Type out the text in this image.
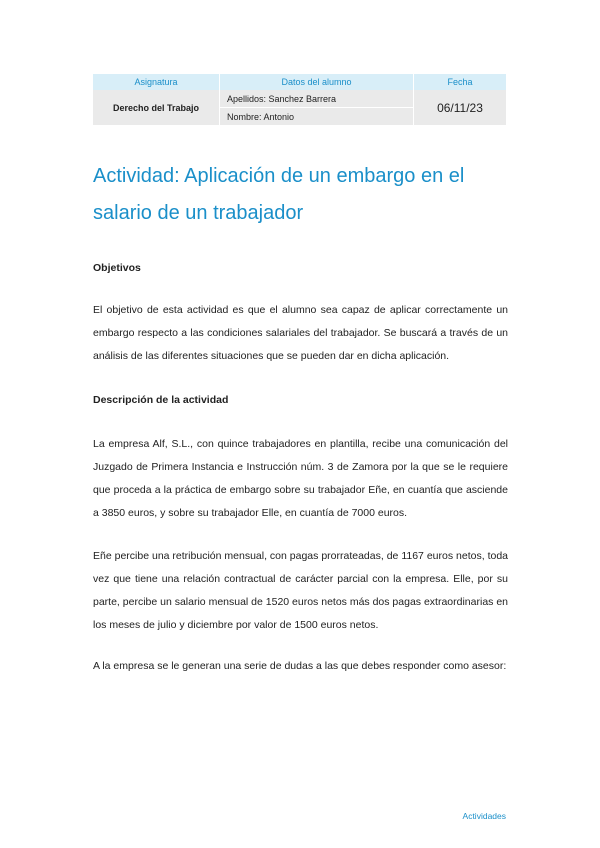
Asignatura	Datos del alumno	Fecha
Derecho del Trabajo	Apellidos: Sanchez Barrera	06/11/23
	Nombre: Antonio	
Actividad: Aplicación de un embargo en el salario de un trabajador
Objetivos

El objetivo de esta actividad es que el alumno sea capaz de aplicar correctamente un embargo respecto a las condiciones salariales del trabajador. Se buscará a través de un análisis de las diferentes situaciones que se pueden dar en dicha aplicación.

Descripción de la actividad

La empresa Alf, S.L., con quince trabajadores en plantilla, recibe una comunicación del Juzgado de Primera Instancia e Instrucción núm. 3 de Zamora por la que se le requiere que proceda a la práctica de embargo sobre su trabajador Eñe, en cuantía que asciende a 3850 euros, y sobre su trabajador Elle, en cuantía de 7000 euros.

Eñe percibe una retribución mensual, con pagas prorrateadas, de 1167 euros netos, toda vez que tiene una relación contractual de carácter parcial con la empresa. Elle, por su parte, percibe un salario mensual de 1520 euros netos más dos pagas extraordinarias en los meses de julio y diciembre por valor de 1500 euros netos.

A la empresa se le generan una serie de dudas a las que debes responder como asesor:

Actividades
